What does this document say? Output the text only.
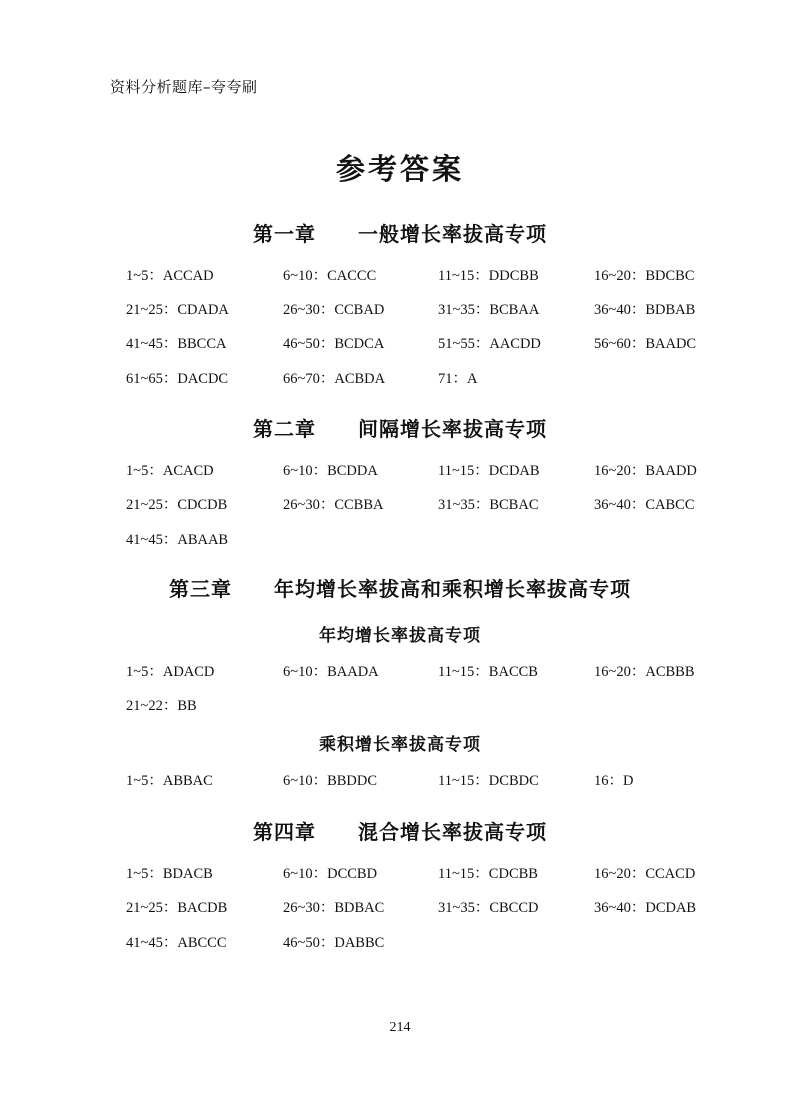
资料分析题库–夸夸刷
参考答案
第一章　　一般增长率拔高专项
1~5：ACCAD	6~10：CACCC	11~15：DDCBB	16~20：BDCBC
21~25：CDADA	26~30：CCBAD	31~35：BCBAA	36~40：BDBAB
41~45：BBCCA	46~50：BCDCA	51~55：AACDD	56~60：BAADC
61~65：DACDC	66~70：ACBDA	71：A
第二章　　间隔增长率拔高专项
1~5：ACACD	6~10：BCDDA	11~15：DCDAB	16~20：BAADD
21~25：CDCDB	26~30：CCBBA	31~35：BCBAC	36~40：CABCC
41~45：ABAAB
第三章　　年均增长率拔高和乘积增长率拔高专项
年均增长率拔高专项
1~5：ADACD	6~10：BAADA	11~15：BACCB	16~20：ACBBB
21~22：BB
乘积增长率拔高专项
1~5：ABBAC	6~10：BBDDC	11~15：DCBDC	16：D
第四章　　混合增长率拔高专项
1~5：BDACB	6~10：DCCBD	11~15：CDCBB	16~20：CCACD
21~25：BACDB	26~30：BDBAC	31~35：CBCCD	36~40：DCDAB
41~45：ABCCC	46~50：DABBC
214
